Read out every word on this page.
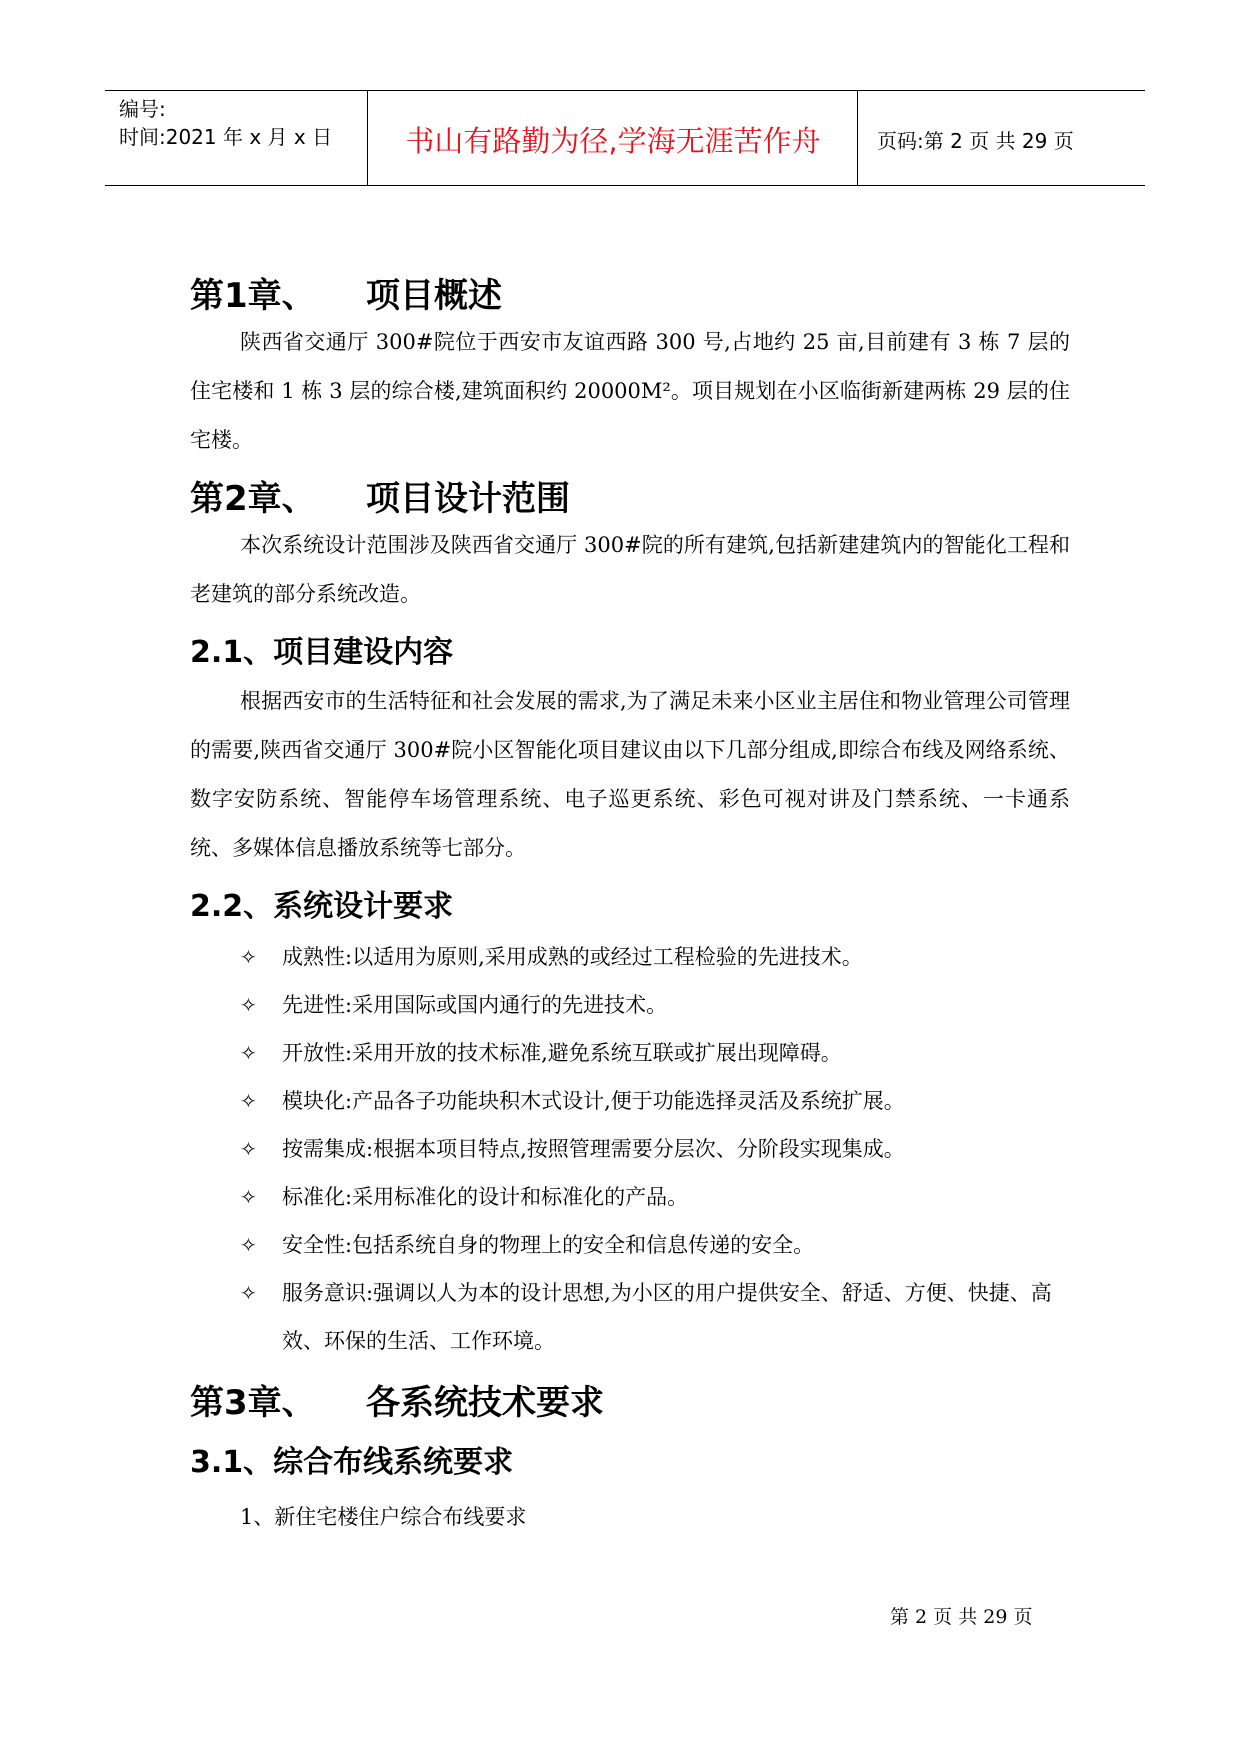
编号:
时间:2021 年 x 月 x 日	书山有路勤为径,学海无涯苦作舟	页码:第 2 页 共 29 页
第1章、 项目概述

陕西省交通厅 300#院位于西安市友谊西路 300 号,占地约 25 亩,目前建有 3 栋 7 层的住宅楼和 1 栋 3 层的综合楼,建筑面积约 20000M²。项目规划在小区临街新建两栋 29 层的住宅楼。

第2章、 项目设计范围

本次系统设计范围涉及陕西省交通厅 300#院的所有建筑,包括新建建筑内的智能化工程和老建筑的部分系统改造。

2.1、项目建设内容

根据西安市的生活特征和社会发展的需求,为了满足未来小区业主居住和物业管理公司管理的需要,陕西省交通厅 300#院小区智能化项目建议由以下几部分组成,即综合布线及网络系统、数字安防系统、智能停车场管理系统、电子巡更系统、彩色可视对讲及门禁系统、一卡通系统、多媒体信息播放系统等七部分。

2.2、系统设计要求
✧ 成熟性:以适用为原则,采用成熟的或经过工程检验的先进技术。
✧ 先进性:采用国际或国内通行的先进技术。
✧ 开放性:采用开放的技术标准,避免系统互联或扩展出现障碍。
✧ 模块化:产品各子功能块积木式设计,便于功能选择灵活及系统扩展。
✧ 按需集成:根据本项目特点,按照管理需要分层次、分阶段实现集成。
✧ 标准化:采用标准化的设计和标准化的产品。
✧ 安全性:包括系统自身的物理上的安全和信息传递的安全。
✧ 服务意识:强调以人为本的设计思想,为小区的用户提供安全、舒适、方便、快捷、高效、环保的生活、工作环境。
第3章、 各系统技术要求
3.1、综合布线系统要求
1、新住宅楼住户综合布线要求
第 2 页 共 29 页
